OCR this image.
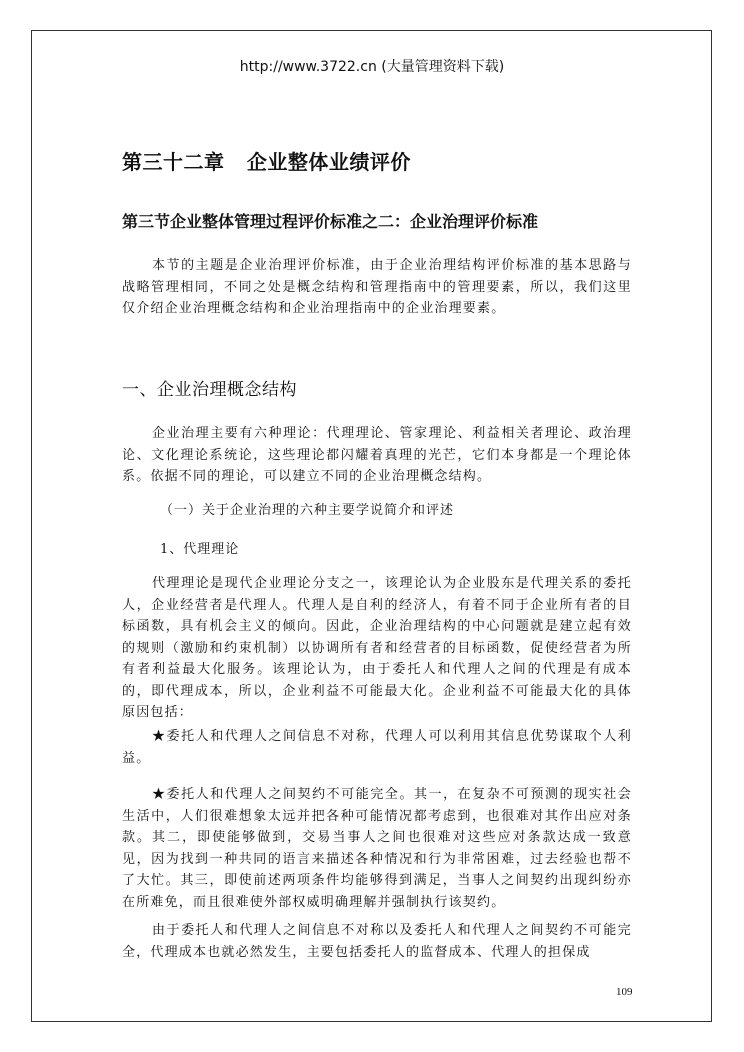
http://www.3722.cn (大量管理资料下载)
第三十二章 企业整体业绩评价
第三节企业整体管理过程评价标准之二：企业治理评价标准

本节的主题是企业治理评价标准，由于企业治理结构评价标准的基本思路与战略管理相同，不同之处是概念结构和管理指南中的管理要素，所以，我们这里仅介绍企业治理概念结构和企业治理指南中的企业治理要素。

一、企业治理概念结构

企业治理主要有六种理论：代理理论、管家理论、利益相关者理论、政治理论、文化理论系统论，这些理论都闪耀着真理的光芒，它们本身都是一个理论体系。依据不同的理论，可以建立不同的企业治理概念结构。

（一）关于企业治理的六种主要学说简介和评述
1、代理理论

代理理论是现代企业理论分支之一，该理论认为企业股东是代理关系的委托人，企业经营者是代理人。代理人是自利的经济人，有着不同于企业所有者的目标函数，具有机会主义的倾向。因此，企业治理结构的中心问题就是建立起有效的规则（激励和约束机制）以协调所有者和经营者的目标函数，促使经营者为所有者利益最大化服务。该理论认为，由于委托人和代理人之间的代理是有成本的，即代理成本，所以，企业利益不可能最大化。企业利益不可能最大化的具体原因包括：

★委托人和代理人之间信息不对称，代理人可以利用其信息优势谋取个人利益。

★委托人和代理人之间契约不可能完全。其一，在复杂不可预测的现实社会生活中，人们很难想象太远并把各种可能情况都考虑到，也很难对其作出应对条款。其二，即使能够做到，交易当事人之间也很难对这些应对条款达成一致意见，因为找到一种共同的语言来描述各种情况和行为非常困难，过去经验也帮不了大忙。其三，即使前述两项条件均能够得到满足，当事人之间契约出现纠纷亦在所难免，而且很难使外部权威明确理解并强制执行该契约。

由于委托人和代理人之间信息不对称以及委托人和代理人之间契约不可能完全，代理成本也就必然发生，主要包括委托人的监督成本、代理人的担保成

109
